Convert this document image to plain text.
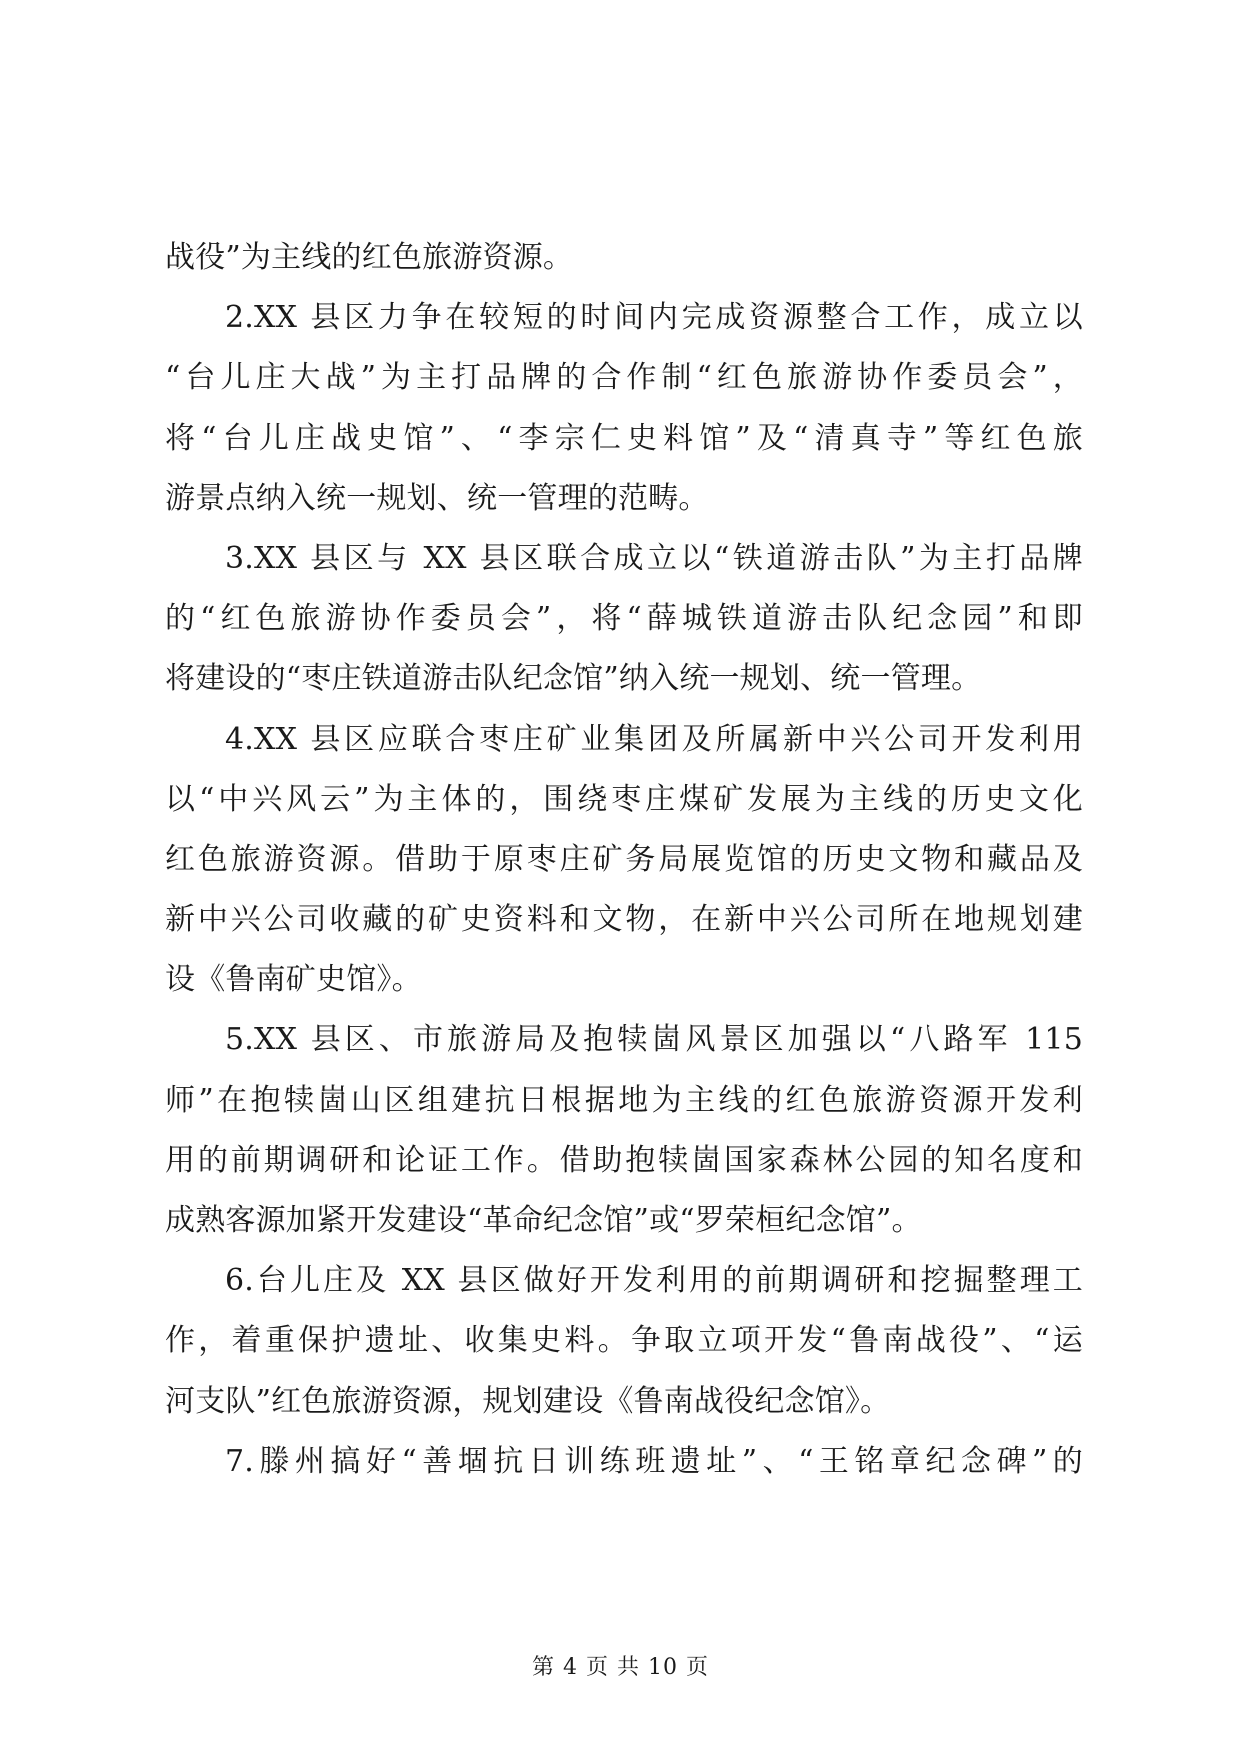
战役”为主线的红色旅游资源。
2.XX 县区力争在较短的时间内完成资源整合工作，成立以
“台儿庄大战”为主打品牌的合作制“红色旅游协作委员会”，
将“台儿庄战史馆”、“李宗仁史料馆”及“清真寺”等红色旅
游景点纳入统一规划、统一管理的范畴。
3.XX 县区与 XX 县区联合成立以“铁道游击队”为主打品牌
的“红色旅游协作委员会”，将“薛城铁道游击队纪念园”和即
将建设的“枣庄铁道游击队纪念馆”纳入统一规划、统一管理。
4.XX 县区应联合枣庄矿业集团及所属新中兴公司开发利用
以“中兴风云”为主体的，围绕枣庄煤矿发展为主线的历史文化
红色旅游资源。借助于原枣庄矿务局展览馆的历史文物和藏品及
新中兴公司收藏的矿史资料和文物，在新中兴公司所在地规划建
设《鲁南矿史馆》。
5.XX 县区、市旅游局及抱犊崮风景区加强以“八路军 115
师”在抱犊崮山区组建抗日根据地为主线的红色旅游资源开发利
用的前期调研和论证工作。借助抱犊崮国家森林公园的知名度和
成熟客源加紧开发建设“革命纪念馆”或“罗荣桓纪念馆”。
6.台儿庄及 XX 县区做好开发利用的前期调研和挖掘整理工
作，着重保护遗址、收集史料。争取立项开发“鲁南战役”、“运
河支队”红色旅游资源，规划建设《鲁南战役纪念馆》。
7.滕州搞好“善堌抗日训练班遗址”、“王铭章纪念碑”的
第 4 页 共 10 页
